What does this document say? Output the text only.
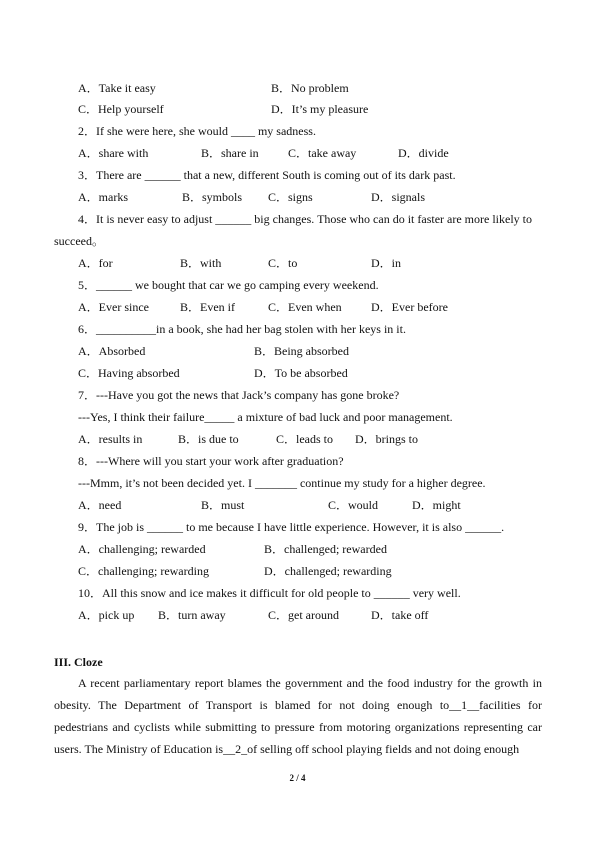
A．Take it easy	B．No problem
C．Help yourself	D．It’s my pleasure
2．If she were here, she would ____ my sadness.
A．share with	B．share in C．take away	D．divide
3．There are ______ that a new, different South is coming out of its dark past.
A．marks	B．symbols C．signs	D．signals
4．It is never easy to adjust ______ big changes. Those who can do it faster are more likely to
succeed。
A．for	B．with	C．to	D．in
5．______ we bought that car we go camping every weekend.
A．Ever since	B．Even if	C．Even when D．Ever before
6．__________in a book, she had her bag stolen with her keys in it.
A．Absorbed	B．Being absorbed
C．Having absorbed	D．To be absorbed
7．---Have you got the news that Jack’s company has gone broke?
---Yes, I think their failure_____ a mixture of bad luck and poor management.
A．results in	B．is due to	C．leads to D．brings to
8．---Where will you start your work after graduation?
---Mmm, it’s not been decided yet. I _______ continue my study for a higher degree.
A．need	B．must	C．would	D．might
9．The job is ______ to me because I have little experience. However, it is also ______.
A．challenging; rewarded	B．challenged; rewarded
C．challenging; rewarding	D．challenged; rewarding
10．All this snow and ice makes it difficult for old people to ______ very well.
A．pick up B．turn away	C．get around	D．take off
III. Cloze
A recent parliamentary report blames the government and the food industry for the growth in obesity. The Department of Transport is blamed for not doing enough to__1__facilities for pedestrians and cyclists while submitting to pressure from motoring organizations representing car users. The Ministry of Education is__2_of selling off school playing fields and not doing enough
2 / 4
